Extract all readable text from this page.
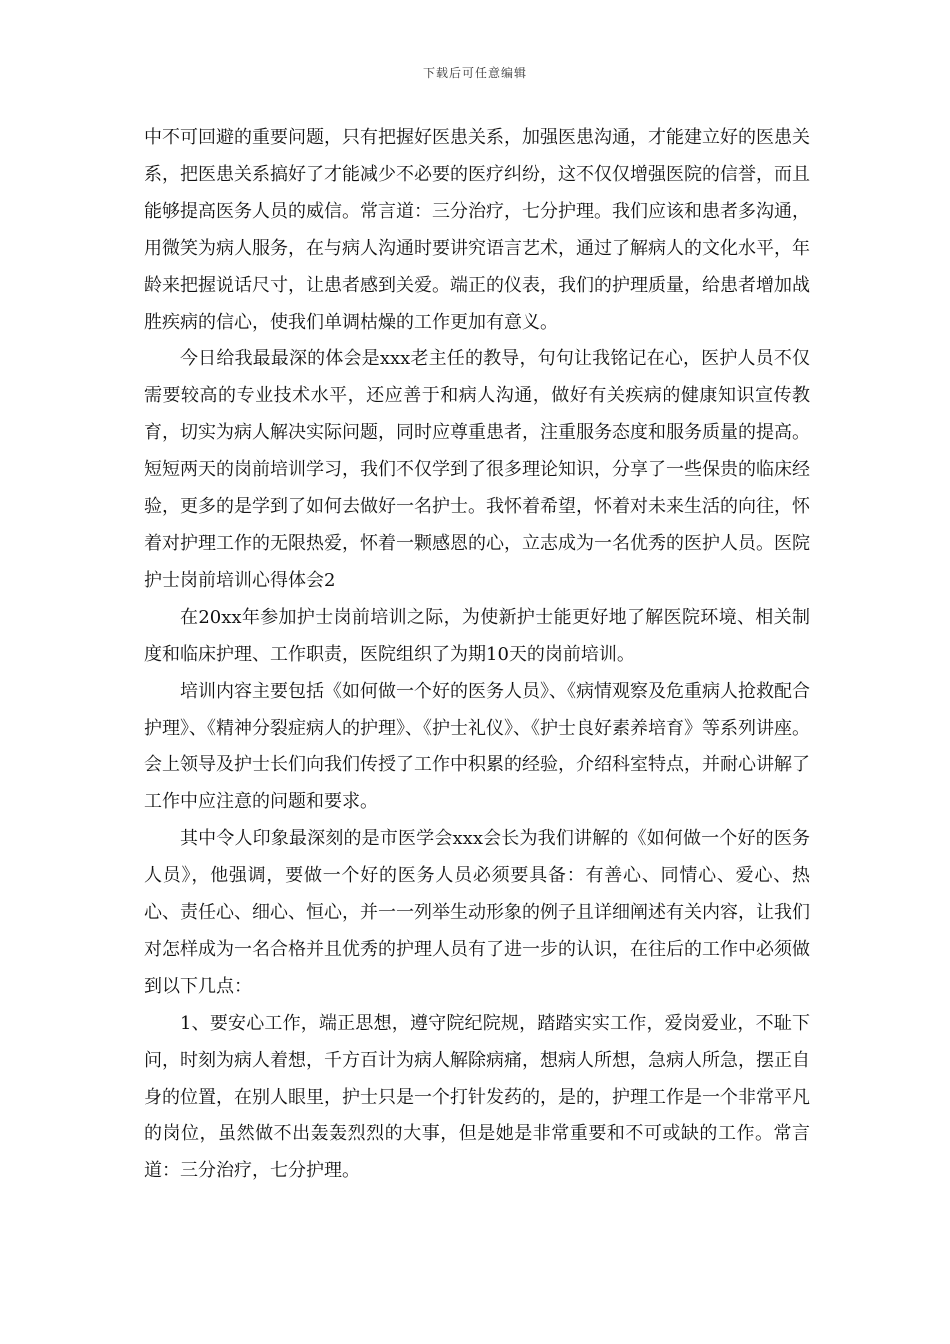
下载后可任意编辑

中不可回避的重要问题，只有把握好医患关系，加强医患沟通，才能建立好的医患关系，把医患关系搞好了才能减少不必要的医疗纠纷，这不仅仅增强医院的信誉，而且能够提高医务人员的威信。常言道：三分治疗，七分护理。我们应该和患者多沟通，用微笑为病人服务，在与病人沟通时要讲究语言艺术，通过了解病人的文化水平，年龄来把握说话尺寸，让患者感到关爱。端正的仪表，我们的护理质量，给患者增加战胜疾病的信心，使我们单调枯燥的工作更加有意义。

今日给我最最深的体会是xxx老主任的教导，句句让我铭记在心，医护人员不仅需要较高的专业技术水平，还应善于和病人沟通，做好有关疾病的健康知识宣传教育，切实为病人解决实际问题，同时应尊重患者，注重服务态度和服务质量的提高。短短两天的岗前培训学习，我们不仅学到了很多理论知识，分享了一些保贵的临床经验，更多的是学到了如何去做好一名护士。我怀着希望，怀着对未来生活的向往，怀着对护理工作的无限热爱，怀着一颗感恩的心，立志成为一名优秀的医护人员。医院护士岗前培训心得体会2

在20xx年参加护士岗前培训之际，为使新护士能更好地了解医院环境、相关制度和临床护理、工作职责，医院组织了为期10天的岗前培训。

培训内容主要包括《如何做一个好的医务人员》、《病情观察及危重病人抢救配合护理》、《精神分裂症病人的护理》、《护士礼仪》、《护士良好素养培育》等系列讲座。会上领导及护士长们向我们传授了工作中积累的经验，介绍科室特点，并耐心讲解了工作中应注意的问题和要求。

其中令人印象最深刻的是市医学会xxx会长为我们讲解的《如何做一个好的医务人员》，他强调，要做一个好的医务人员必须要具备：有善心、同情心、爱心、热心、责任心、细心、恒心，并一一列举生动形象的例子且详细阐述有关内容，让我们对怎样成为一名合格并且优秀的护理人员有了进一步的认识，在往后的工作中必须做到以下几点：

1、要安心工作，端正思想，遵守院纪院规，踏踏实实工作，爱岗爱业，不耻下问，时刻为病人着想，千方百计为病人解除病痛，想病人所想，急病人所急，摆正自身的位置，在别人眼里，护士只是一个打针发药的，是的，护理工作是一个非常平凡的岗位，虽然做不出轰轰烈烈的大事，但是她是非常重要和不可或缺的工作。常言道：三分治疗，七分护理。
